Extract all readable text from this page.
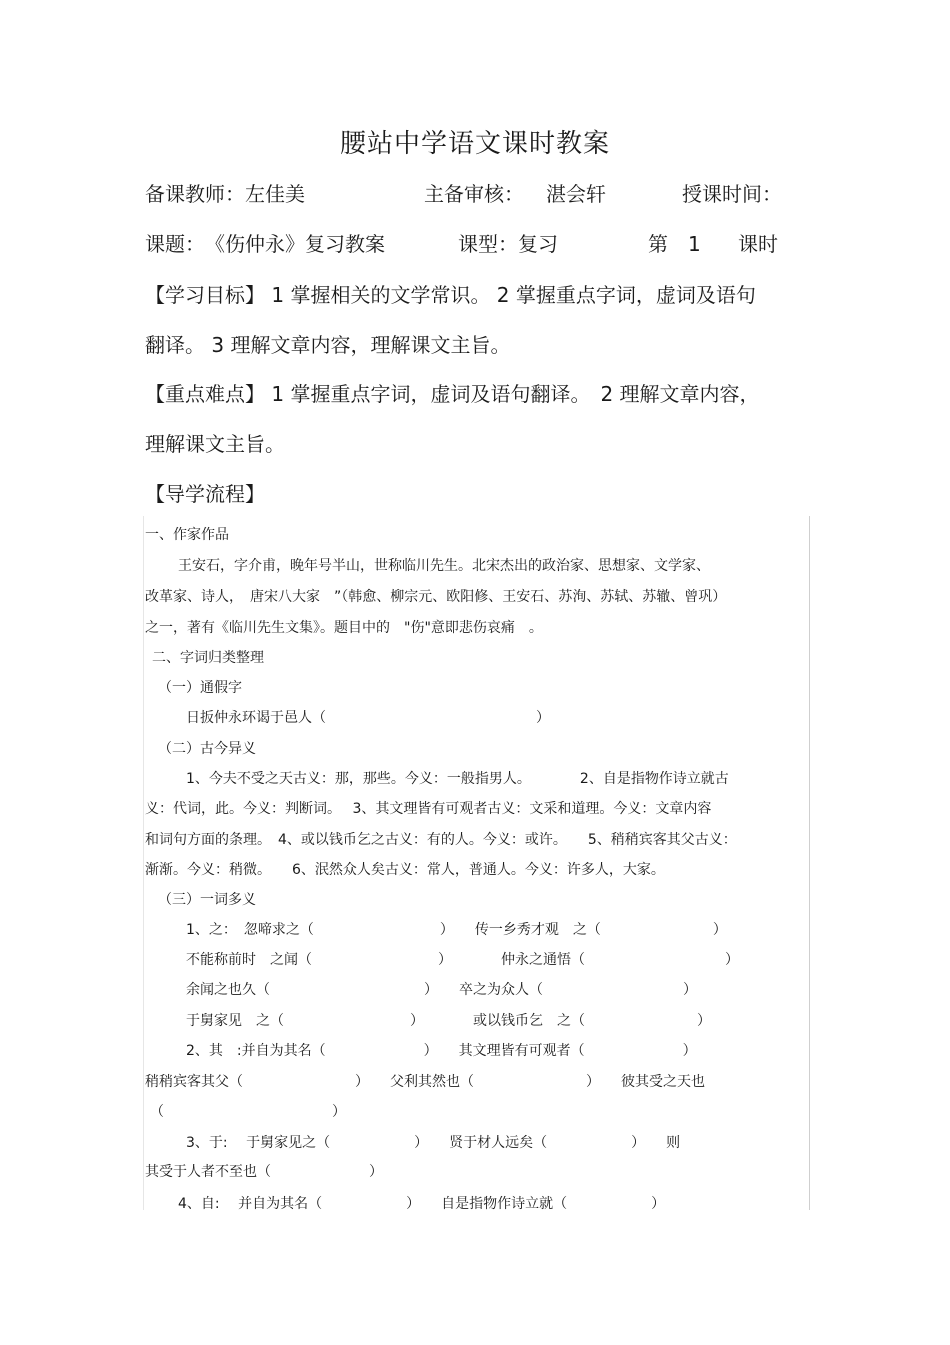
腰站中学语文课时教案
备课教师：左佳美	主备审核： 湛会轩	授课时间：
课题：　《伤仲永》复习教案	课型：复习	第　1 课时
【学习目标】 1 掌握相关的文学常识。 2 掌握重点字词，虚词及语句
翻译。 3 理解文章内容，理解课文主旨。
【重点难点】 1 掌握重点字词，虚词及语句翻译。　2 理解文章内容，
理解课文主旨。
【导学流程】
一、作家作品
王安石，字介甫，晚年号半山，世称临川先生。北宋杰出的政治家、思想家、文学家、
改革家、诗人，　唐宋八大家　”（韩愈、柳宗元、欧阳修、王安石、苏洵、苏轼、苏辙、曾巩）
之一，著有《临川先生文集》。题目中的　"伤"意即悲伤哀痛　。
二、字词归类整理
（一）通假字
日扳仲永环谒于邑人（　　　　　　　　　　　　　　　）
（二）古今异义
1、今夫不受之天古义：那，那些。今义：一般指男人。　　　　2、自是指物作诗立就古
义：代词，此。今义：判断词。　 3、其文理皆有可观者古义：文采和道理。今义：文章内容
和词句方面的条理。　4、或以钱币乞之古义：有的人。今义：或许。　　5、稍稍宾客其父古义：
渐渐。今义：稍微。　　6、泯然众人矣古义：常人，普通人。今义：许多人，大家。
（三）一词多义
1、之：　忽啼求之（　　　　　　　　　）　　传一乡秀才观　之（　　　　　　　　）
不能称前时　之闻（　　　　　　　　　）　　　　仲永之通悟（　　　　　　　　　　）
余闻之也久（　　　　　　　　　　　）　　卒之为众人（　　　　　　　　　　）
于舅家见　之（　　　　　　　　　）　　　　或以钱币乞　之（　　　　　　　　）
2、其　:并自为其名（　　　　　　　）　　其文理皆有可观者（　　　　　　　）
稍稍宾客其父（　　　　　　　　）　　父利其然也（　　　　　　　　）　　彼其受之天也
（　　　　　　　　　　　　）
3、于:　 于舅家见之（　　　　　　）　　贤于材人远矣（　　　　　　）　　则
其受于人者不至也（　　　　　　　）
4、自:　 并自为其名（　　　　　　）　　自是指物作诗立就（　　　　　　）
